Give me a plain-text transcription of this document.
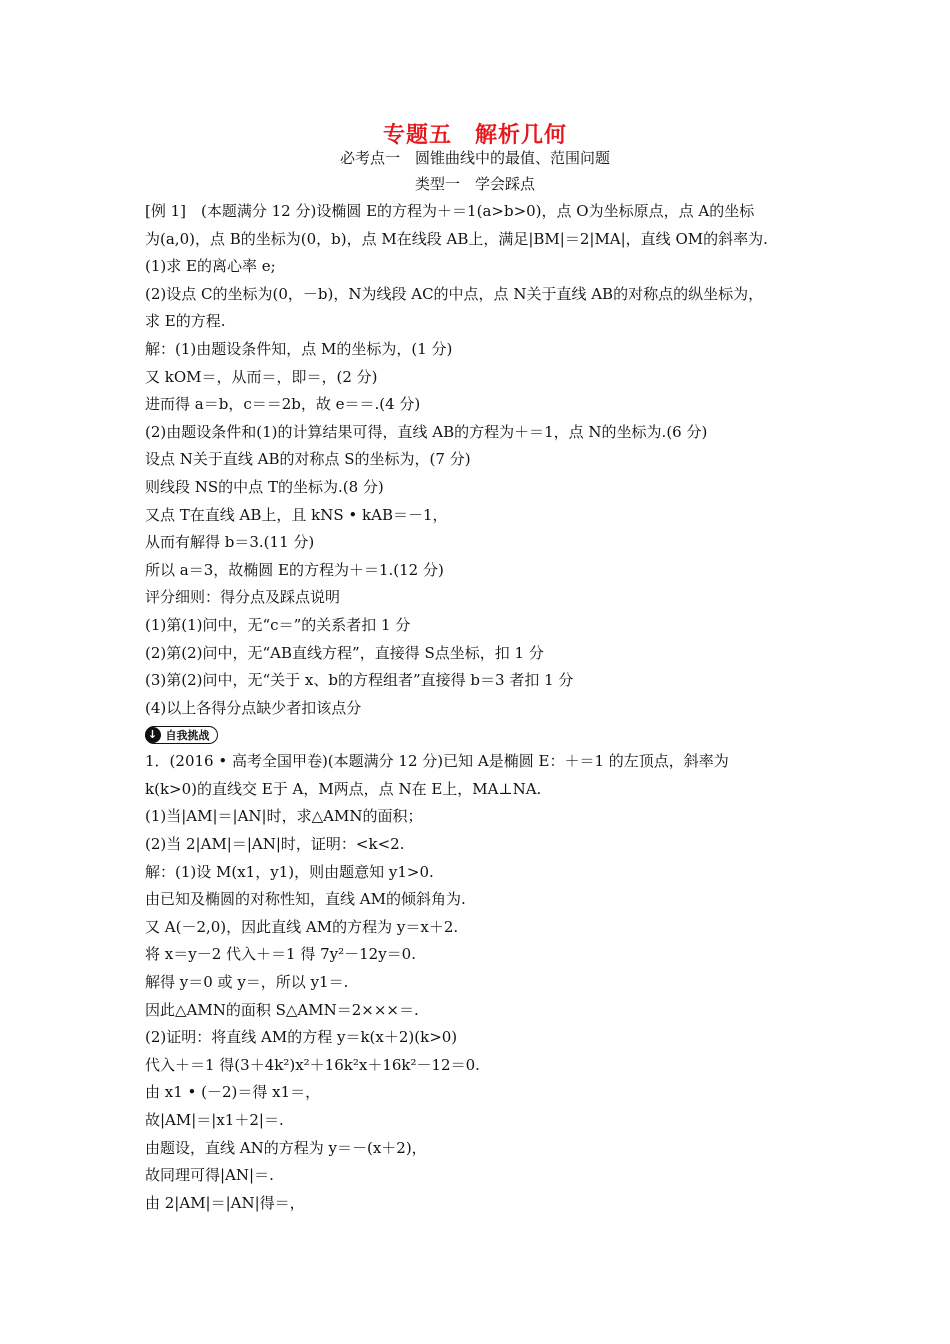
专题五　解析几何
必考点一　圆锥曲线中的最值、范围问题
类型一　学会踩点
[例 1]　(本题满分 12 分)设椭圆 E的方程为＋＝1(a>b>0)，点 O为坐标原点，点 A的坐标
为(a,0)，点 B的坐标为(0，b)，点 M在线段 AB上，满足|BM|＝2|MA|，直线 OM的斜率为.
(1)求 E的离心率 e;
(2)设点 C的坐标为(0，－b)，N为线段 AC的中点，点 N关于直线 AB的对称点的纵坐标为，
求 E的方程.
解：(1)由题设条件知，点 M的坐标为，(1 分)
又 kOM＝，从而＝，即＝，(2 分)
进而得 a＝b，c＝＝2b，故 e＝＝.(4 分)
(2)由题设条件和(1)的计算结果可得，直线 AB的方程为＋＝1，点 N的坐标为.(6 分)
设点 N关于直线 AB的对称点 S的坐标为，(7 分)
则线段 NS的中点 T的坐标为.(8 分)
又点 T在直线 AB上，且 kNS • kAB＝－1，
从而有解得 b＝3.(11 分)
所以 a＝3，故椭圆 E的方程为＋＝1.(12 分)
评分细则：得分点及踩点说明
(1)第(1)问中，无“c＝”的关系者扣 1 分
(2)第(2)问中，无“AB直线方程”，直接得 S点坐标，扣 1 分
(3)第(2)问中，无“关于 x、b的方程组者”直接得 b＝3 者扣 1 分
(4)以上各得分点缺少者扣该点分
↓ 自我挑战
1．(2016 • 高考全国甲卷)(本题满分 12 分)已知 A是椭圆 E：＋＝1 的左顶点，斜率为
k(k>0)的直线交 E于 A，M两点，点 N在 E上，MA⊥NA.
(1)当|AM|＝|AN|时，求△AMN的面积；
(2)当 2|AM|＝|AN|时，证明：<k<2.
解：(1)设 M(x1，y1)，则由题意知 y1>0.
由已知及椭圆的对称性知，直线 AM的倾斜角为.
又 A(－2,0)，因此直线 AM的方程为 y＝x＋2.
将 x＝y－2 代入＋＝1 得 7y²－12y＝0.
解得 y＝0 或 y＝，所以 y1＝.
因此△AMN的面积 S△AMN＝2×××＝.
(2)证明：将直线 AM的方程 y＝k(x＋2)(k>0)
代入＋＝1 得(3＋4k²)x²＋16k²x＋16k²－12＝0.
由 x1 • (－2)＝得 x1＝，
故|AM|＝|x1＋2|＝.
由题设，直线 AN的方程为 y＝－(x＋2)，
故同理可得|AN|＝.
由 2|AM|＝|AN|得＝，
